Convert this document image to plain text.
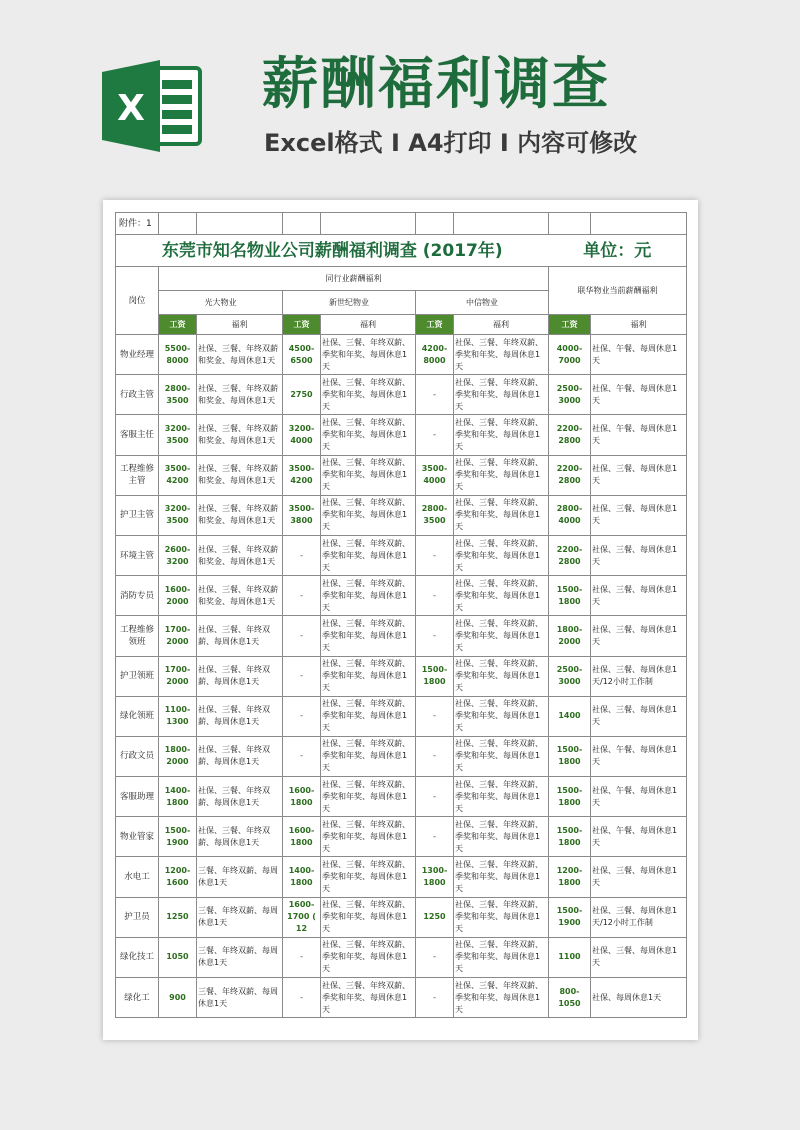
X 薪酬福利调查
Excel格式 I A4打印 I 内容可修改
附件：1								
东莞市知名物业公司薪酬福利调查 (2017年)							单位：元	
岗位	同行业薪酬福利						联华物业当前薪酬福利	
	光大物业		新世纪物业		中信物业			
	工资	福利	工资	福利	工资	福利	工资	福利
物业经理	5500-8000	社保、三餐、年终双薪和奖金、每周休息1天	4500-6500	社保、三餐、年终双薪、季奖和年奖、每周休息1天	4200-8000	社保、三餐、年终双薪、季奖和年奖、每周休息1天	4000-7000	社保、午餐、每周休息1天
行政主管	2800-3500	社保、三餐、年终双薪和奖金、每周休息1天	2750	社保、三餐、年终双薪、季奖和年奖、每周休息1天	-	社保、三餐、年终双薪、季奖和年奖、每周休息1天	2500-3000	社保、午餐、每周休息1天
客服主任	3200-3500	社保、三餐、年终双薪和奖金、每周休息1天	3200-4000	社保、三餐、年终双薪、季奖和年奖、每周休息1天	-	社保、三餐、年终双薪、季奖和年奖、每周休息1天	2200-2800	社保、午餐、每周休息1天
工程维修主管	3500-4200	社保、三餐、年终双薪和奖金、每周休息1天	3500-4200	社保、三餐、年终双薪、季奖和年奖、每周休息1天	3500-4000	社保、三餐、年终双薪、季奖和年奖、每周休息1天	2200-2800	社保、三餐、每周休息1天
护卫主管	3200-3500	社保、三餐、年终双薪和奖金、每周休息1天	3500-3800	社保、三餐、年终双薪、季奖和年奖、每周休息1天	2800-3500	社保、三餐、年终双薪、季奖和年奖、每周休息1天	2800-4000	社保、三餐、每周休息1天
环境主管	2600-3200	社保、三餐、年终双薪和奖金、每周休息1天	-	社保、三餐、年终双薪、季奖和年奖、每周休息1天	-	社保、三餐、年终双薪、季奖和年奖、每周休息1天	2200-2800	社保、三餐、每周休息1天
消防专员	1600-2000	社保、三餐、年终双薪和奖金、每周休息1天	-	社保、三餐、年终双薪、季奖和年奖、每周休息1天	-	社保、三餐、年终双薪、季奖和年奖、每周休息1天	1500-1800	社保、三餐、每周休息1天
工程维修领班	1700-2000	社保、三餐、年终双薪、每周休息1天	-	社保、三餐、年终双薪、季奖和年奖、每周休息1天	-	社保、三餐、年终双薪、季奖和年奖、每周休息1天	1800-2000	社保、三餐、每周休息1天
护卫领班	1700-2000	社保、三餐、年终双薪、每周休息1天	-	社保、三餐、年终双薪、季奖和年奖、每周休息1天	1500-1800	社保、三餐、年终双薪、季奖和年奖、每周休息1天	2500-3000	社保、三餐、每周休息1天/12小时工作制
绿化领班	1100-1300	社保、三餐、年终双薪、每周休息1天	-	社保、三餐、年终双薪、季奖和年奖、每周休息1天	-	社保、三餐、年终双薪、季奖和年奖、每周休息1天	1400	社保、三餐、每周休息1天
行政文员	1800-2000	社保、三餐、年终双薪、每周休息1天	-	社保、三餐、年终双薪、季奖和年奖、每周休息1天	-	社保、三餐、年终双薪、季奖和年奖、每周休息1天	1500-1800	社保、午餐、每周休息1天
客服助理	1400-1800	社保、三餐、年终双薪、每周休息1天	1600-1800	社保、三餐、年终双薪、季奖和年奖、每周休息1天	-	社保、三餐、年终双薪、季奖和年奖、每周休息1天	1500-1800	社保、午餐、每周休息1天
物业管家	1500-1900	社保、三餐、年终双薪、每周休息1天	1600-1800	社保、三餐、年终双薪、季奖和年奖、每周休息1天	-	社保、三餐、年终双薪、季奖和年奖、每周休息1天	1500-1800	社保、午餐、每周休息1天
水电工	1200-1600	三餐、年终双薪、每周休息1天	1400-1800	社保、三餐、年终双薪、季奖和年奖、每周休息1天	1300-1800	社保、三餐、年终双薪、季奖和年奖、每周休息1天	1200-1800	社保、三餐、每周休息1天
护卫员	1250	三餐、年终双薪、每周休息1天	1600-1700 ( 12	社保、三餐、年终双薪、季奖和年奖、每周休息1天	1250	社保、三餐、年终双薪、季奖和年奖、每周休息1天	1500-1900	社保、三餐、每周休息1天/12小时工作制
绿化技工	1050	三餐、年终双薪、每周休息1天	-	社保、三餐、年终双薪、季奖和年奖、每周休息1天	-	社保、三餐、年终双薪、季奖和年奖、每周休息1天	1100	社保、三餐、每周休息1天
绿化工	900	三餐、年终双薪、每周休息1天	-	社保、三餐、年终双薪、季奖和年奖、每周休息1天	-	社保、三餐、年终双薪、季奖和年奖、每周休息1天	800-1050	社保、每周休息1天
